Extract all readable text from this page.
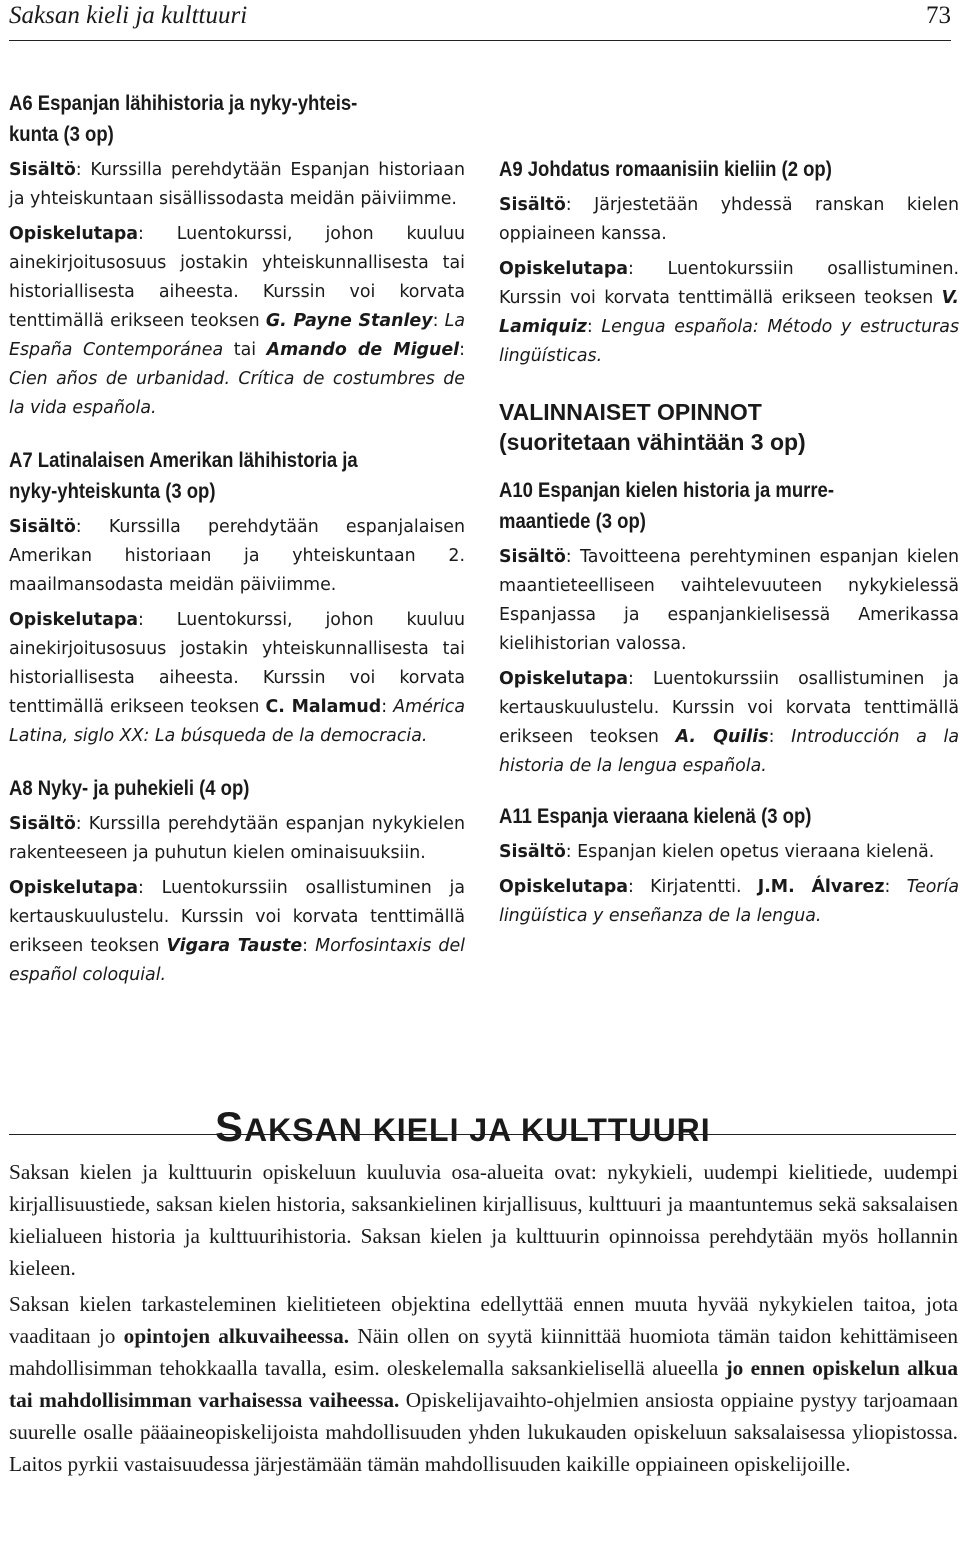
Saksan kieli ja kulttuuri	73
A6 Espanjan lähihistoria ja nyky-yhteis-
kunta (3 op)

Sisältö: Kurssilla perehdytään Espanjan historiaan ja yhteiskuntaan sisällissodasta meidän päiviimme.

Opiskelutapa: Luentokurssi, johon kuuluu ainekirjoitusosuus jostakin yhteiskunnallisesta tai historiallisesta aiheesta. Kurssin voi korvata tenttimällä erikseen teoksen G. Payne Stanley: La España Contemporánea tai Amando de Miguel: Cien años de urbanidad. Crítica de costumbres de la vida española.

A7 Latinalaisen Amerikan lähihistoria ja
nyky-yhteiskunta (3 op)

Sisältö: Kurssilla perehdytään espanjalaisen Amerikan historiaan ja yhteiskuntaan 2. maailmansodasta meidän päiviimme.

Opiskelutapa: Luentokurssi, johon kuuluu ainekirjoitusosuus jostakin yhteiskunnallisesta tai historiallisesta aiheesta. Kurssin voi korvata tenttimällä erikseen teoksen C. Malamud: América Latina, siglo XX: La búsqueda de la democracia.

A8 Nyky- ja puhekieli (4 op)

Sisältö: Kurssilla perehdytään espanjan nykykielen rakenteeseen ja puhutun kielen ominaisuuksiin.

Opiskelutapa: Luentokurssiin osallistuminen ja kertauskuulustelu. Kurssin voi korvata tenttimällä erikseen teoksen Vigara Tauste: Morfosintaxis del español coloquial.

A9 Johdatus romaanisiin kieliin (2 op)

Sisältö: Järjestetään yhdessä ranskan kielen oppiaineen kanssa.

Opiskelutapa: Luentokurssiin osallistuminen. Kurssin voi korvata tenttimällä erikseen teoksen V. Lamiquiz: Lengua española: Método y estructuras lingüísticas.

VALINNAISET OPINNOT
(suoritetaan vähintään 3 op)
A10 Espanjan kielen historia ja murre-
maantiede (3 op)

Sisältö: Tavoitteena perehtyminen espanjan kielen maantieteelliseen vaihtelevuuteen nykykielessä Espanjassa ja espanjankielisessä Amerikassa kielihistorian valossa.

Opiskelutapa: Luentokurssiin osallistuminen ja kertauskuulustelu. Kurssin voi korvata tenttimällä erikseen teoksen A. Quilis: Introducción a la historia de la lengua española.

A11 Espanja vieraana kielenä (3 op)

Sisältö: Espanjan kielen opetus vieraana kielenä.

Opiskelutapa: Kirjatentti. J.M. Álvarez: Teoría lingüística y enseñanza de la lengua.

SAKSAN KIELI JA KULTTUURI

Saksan kielen ja kulttuurin opiskeluun kuuluvia osa-alueita ovat: nykykieli, uudempi kielitiede, uudempi kirjallisuustiede, saksan kielen historia, saksankielinen kirjallisuus, kulttuuri ja maantuntemus sekä saksalaisen kielialueen historia ja kulttuurihistoria. Saksan kielen ja kulttuurin opinnoissa perehdytään myös hollannin kieleen.

Saksan kielen tarkasteleminen kielitieteen objektina edellyttää ennen muuta hyvää nykykielen taitoa, jota vaaditaan jo opintojen alkuvaiheessa. Näin ollen on syytä kiinnittää huomiota tämän taidon kehittämiseen mahdollisimman tehokkaalla tavalla, esim. oleskelemalla saksankielisellä alueella jo ennen opiskelun alkua tai mahdollisimman varhaisessa vaiheessa. Opiskelijavaihto-ohjelmien ansiosta oppiaine pystyy tarjoamaan suurelle osalle pääaineopiskelijoista mahdollisuuden yhden lukukauden opiskeluun saksalaisessa yliopistossa. Laitos pyrkii vastaisuudessa järjestämään tämän mahdollisuuden kaikille oppiaineen opiskelijoille.
